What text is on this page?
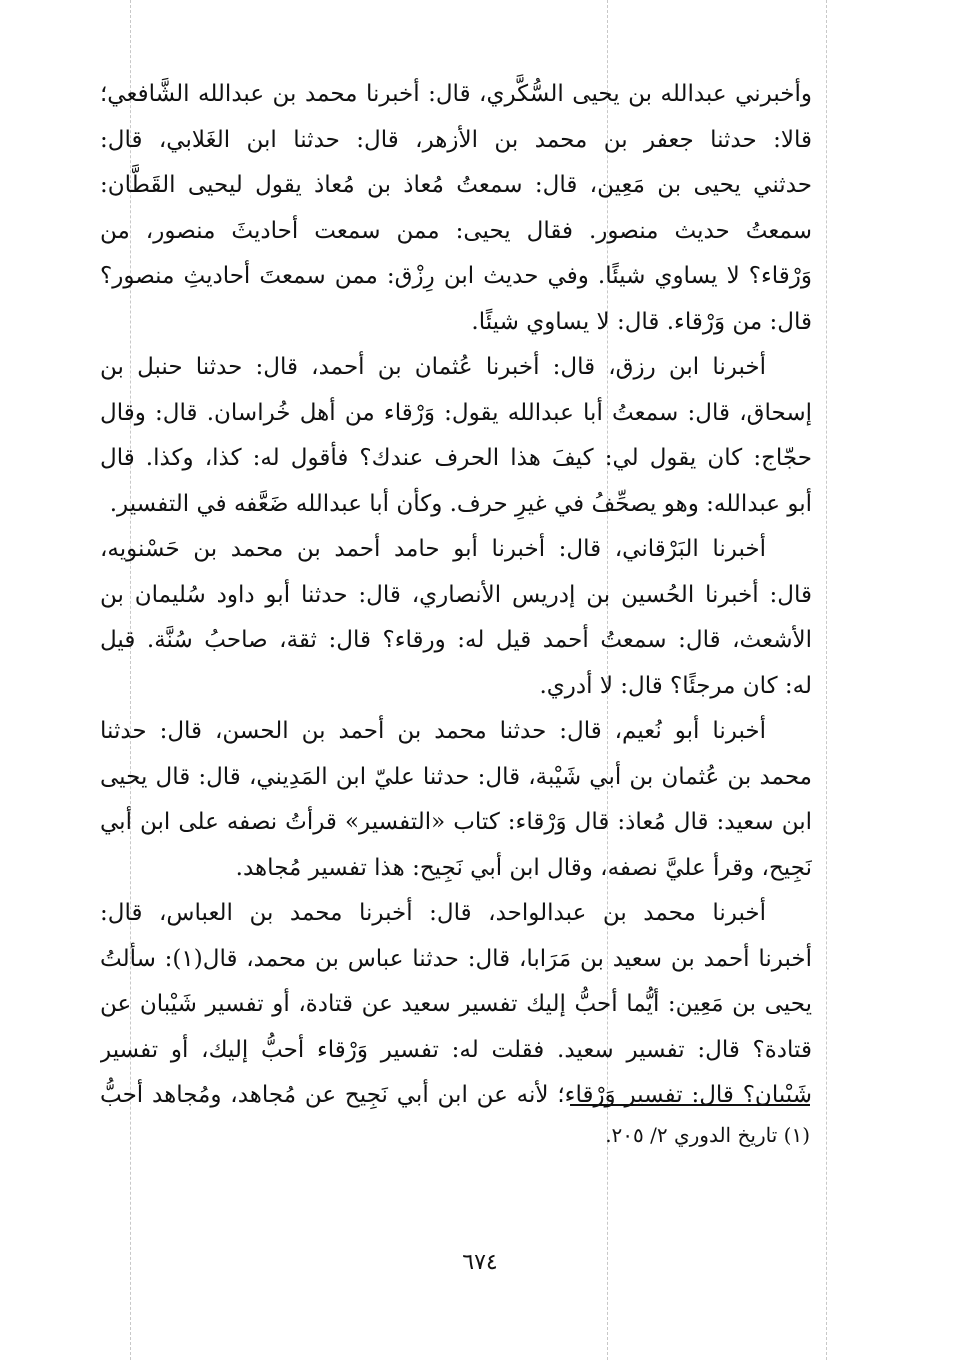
وأخبرني عبدالله بن يحيى السُّكَّري، قال: أخبرنا محمد بن عبدالله الشَّافعي؛
قالا: حدثنا جعفر بن محمد بن الأزهر، قال: حدثنا ابن الغَلابي، قال:
حدثني يحيى بن مَعِين، قال: سمعتُ مُعاذ بن مُعاذ يقول ليحيى القَطَّان:
سمعتُ حديث منصور. فقال يحيى: ممن سمعت أحاديثَ منصور، من
وَرْقاء؟ لا يساوي شيئًا. وفي حديث ابن رِزْق: ممن سمعتَ أحاديثِ منصور؟
قال: من وَرْقاء. قال: لا يساوي شيئًا.
أخبرنا ابن رزق، قال: أخبرنا عُثمان بن أحمد، قال: حدثنا حنبل بن
إسحاق، قال: سمعتُ أبا عبدالله يقول: وَرْقاء من أهل خُراسان. قال: وقال
حجّاج: كان يقول لي: كيفَ هذا الحرف عندك؟ فأقول له: كذا، وكذا. قال
أبو عبدالله: وهو يصحِّفُ في غيرِ حرف. وكأن أبا عبدالله ضَعَّفه في التفسير.
أخبرنا البَرْقاني، قال: أخبرنا أبو حامد أحمد بن محمد بن حَسْنويه،
قال: أخبرنا الحُسين بن إدريس الأنصاري، قال: حدثنا أبو داود سُليمان بن
الأشعث، قال: سمعتُ أحمد قيل له: ورقاء؟ قال: ثقة، صاحبُ سُنَّة. قيل
له: كان مرجئًا؟ قال: لا أدري.
أخبرنا أبو نُعيم، قال: حدثنا محمد بن أحمد بن الحسن، قال: حدثنا
محمد بن عُثمان بن أبي شَيْبة، قال: حدثنا عليّ ابن المَدِيني، قال: قال يحيى
ابن سعيد: قال مُعاذ: قال وَرْقاء: كتاب «التفسير» قرأتُ نصفه على ابن أبي
نَجِيح، وقرأ عليَّ نصفه، وقال ابن أبي نَجِيح: هذا تفسير مُجاهد.
أخبرنا محمد بن عبدالواحد، قال: أخبرنا محمد بن العباس، قال:
أخبرنا أحمد بن سعيد بن مَرَابا، قال: حدثنا عباس بن محمد، قال(١): سألتُ
يحيى بن مَعِين: أيُّما أحبُّ إليك تفسير سعيد عن قتادة، أو تفسير شَيْبان عن
قتادة؟ قال: تفسير سعيد. فقلت له: تفسير وَرْقاء أحبُّ إليك، أو تفسير
شَيْبان؟ قال: تفسير وَرْقاء؛ لأنه عن ابن أبي نَجِيح عن مُجاهد، ومُجاهد أحبُّ
(١) تاريخ الدوري ٢/ ٢٠٥.
٦٧٤
